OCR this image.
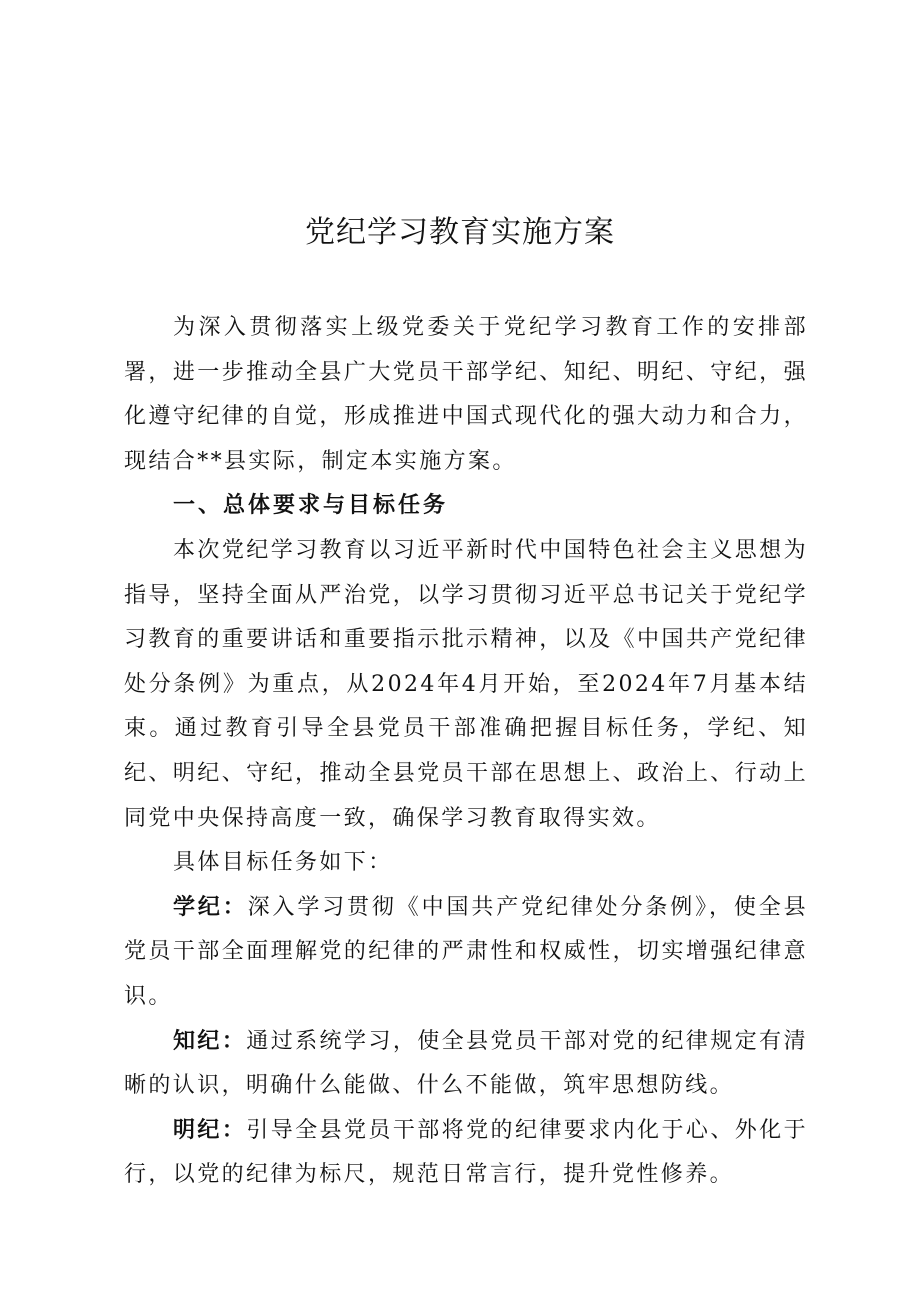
党纪学习教育实施方案

为深入贯彻落实上级党委关于党纪学习教育工作的安排部署，进一步推动全县广大党员干部学纪、知纪、明纪、守纪，强化遵守纪律的自觉，形成推进中国式现代化的强大动力和合力，现结合**县实际，制定本实施方案。

一、总体要求与目标任务

本次党纪学习教育以习近平新时代中国特色社会主义思想为指导，坚持全面从严治党，以学习贯彻习近平总书记关于党纪学习教育的重要讲话和重要指示批示精神，以及《中国共产党纪律处分条例》为重点，从2024年4月开始，至2024年7月基本结束。通过教育引导全县党员干部准确把握目标任务，学纪、知纪、明纪、守纪，推动全县党员干部在思想上、政治上、行动上同党中央保持高度一致，确保学习教育取得实效。

具体目标任务如下：

学纪：深入学习贯彻《中国共产党纪律处分条例》，使全县党员干部全面理解党的纪律的严肃性和权威性，切实增强纪律意识。

知纪：通过系统学习，使全县党员干部对党的纪律规定有清晰的认识，明确什么能做、什么不能做，筑牢思想防线。

明纪：引导全县党员干部将党的纪律要求内化于心、外化于行，以党的纪律为标尺，规范日常言行，提升党性修养。
